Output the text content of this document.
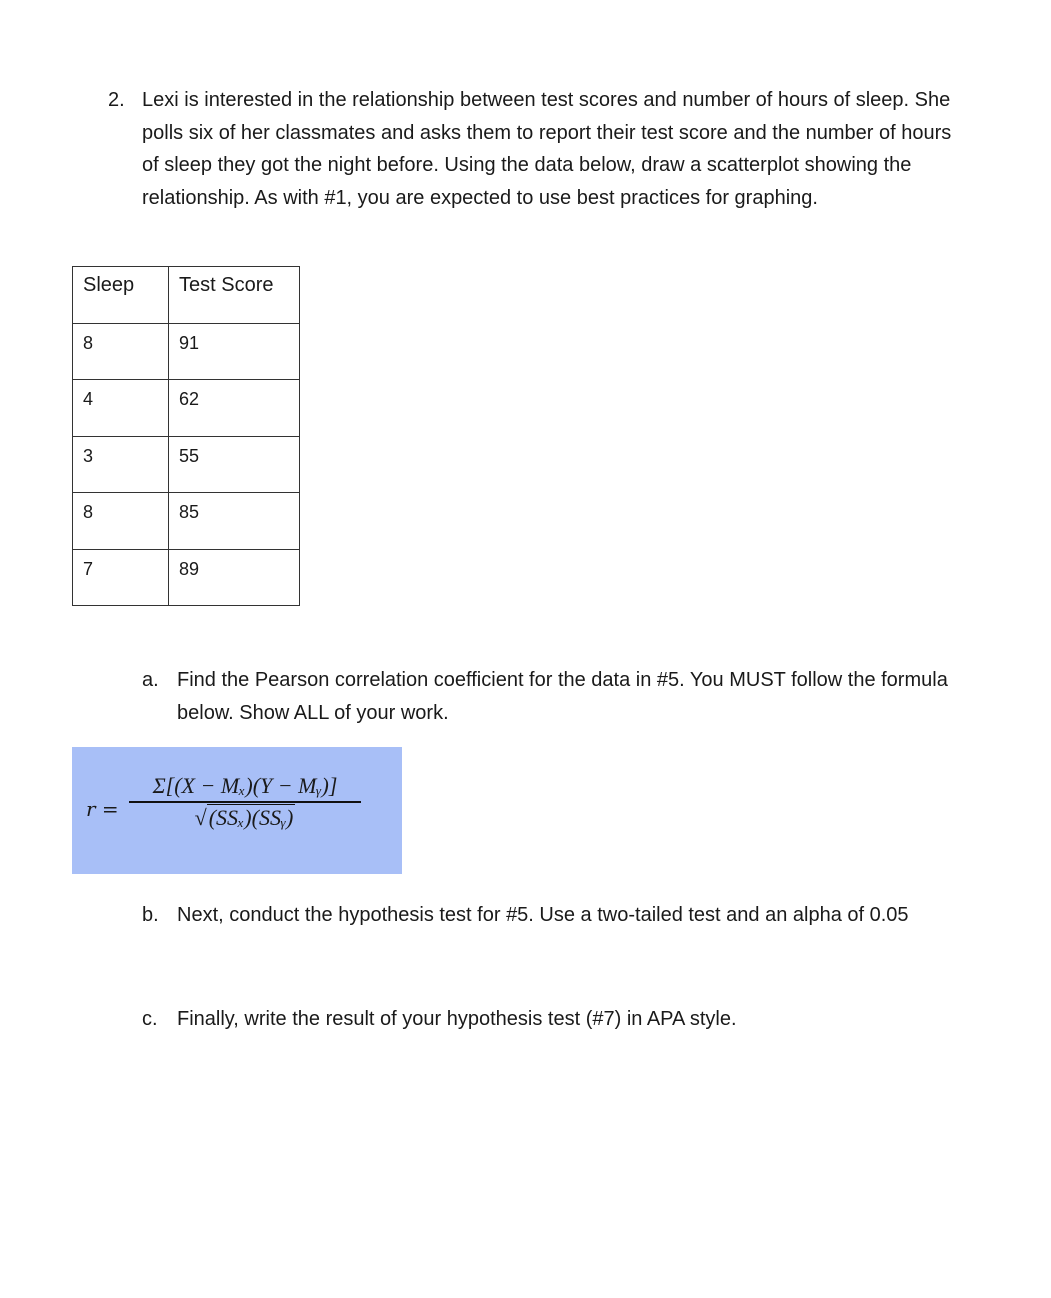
2. Lexi is interested in the relationship between test scores and number of hours of sleep. She polls six of her classmates and asks them to report their test score and the number of hours of sleep they got the night before. Using the data below, draw a scatterplot showing the relationship. As with #1, you are expected to use best practices for graphing.
Sleep	Test Score
8	91
4	62
3	55
8	85
7	89
a. Find the Pearson correlation coefficient for the data in #5. You MUST follow the formula below. Show ALL of your work.
r =
Σ[(X − Mₓ)(Y − Mᵧ)]
√(SSₓ)(SSᵧ)
b. Next, conduct the hypothesis test for #5. Use a two-tailed test and an alpha of 0.05
c. Finally, write the result of your hypothesis test (#7) in APA style.
